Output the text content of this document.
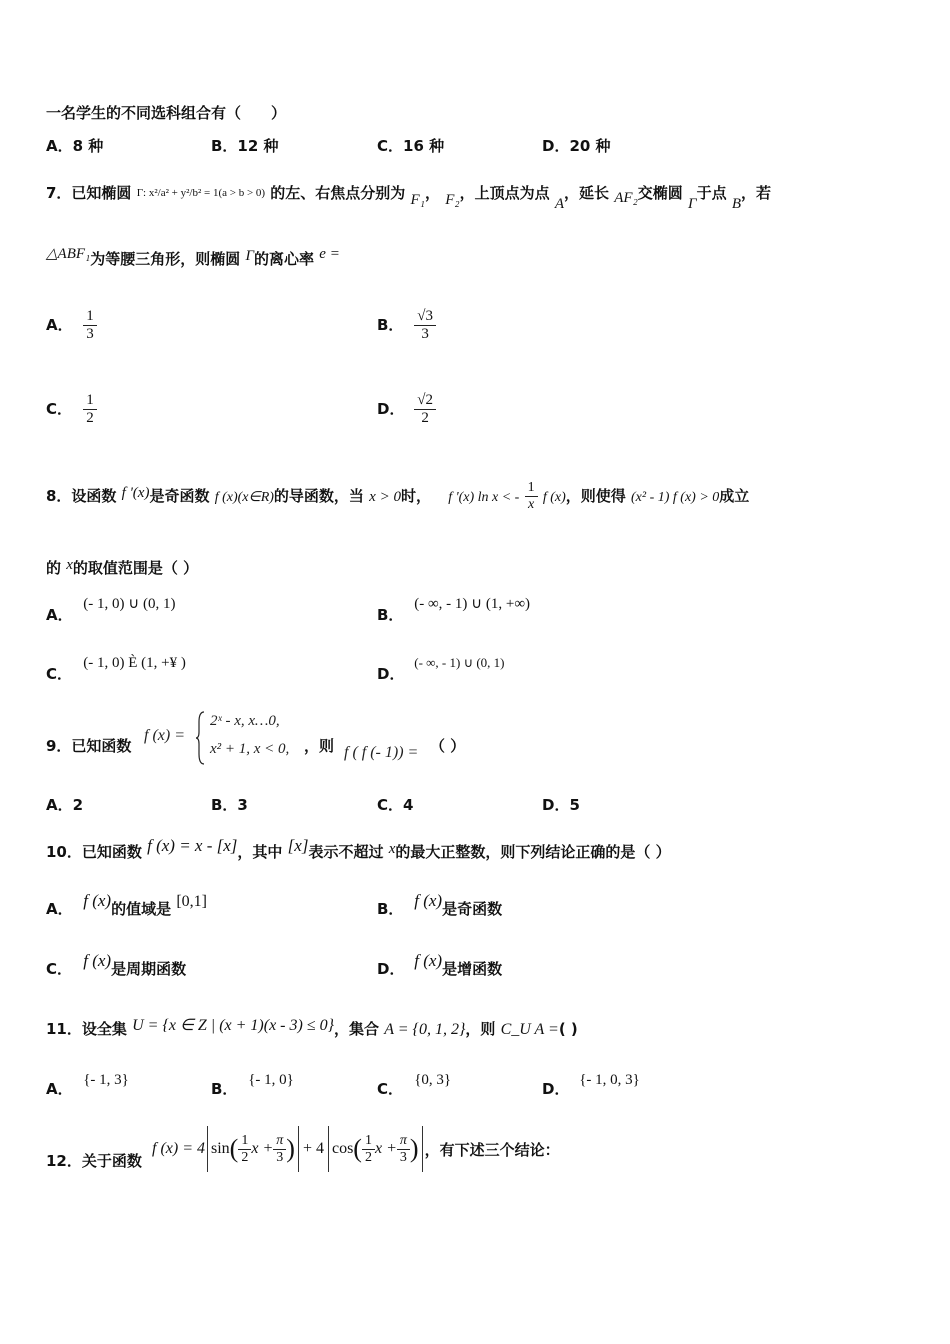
一名学生的不同选科组合有（　　）
A．8 种	B．12 种	C．16 种	D．20 种
7．已知椭圆 Γ: x²/a² + y²/b² = 1(a > b > 0) 的左、右焦点分别为 F₁， F₂，上顶点为点 A，延长 AF₂交椭圆 Γ于点 B，若
△ABF₁为等腰三角形，则椭圆 Γ的离心率 e =
A． $\frac{1}{3}$	B． $\frac{√3}{3}$
C． $\frac{1}{2}$	D． $\frac{√2}{2}$
8．设函数 f '(x)是奇函数 f (x)(x∈R)的导函数，当 x > 0时， f '(x) ln x < - $\frac{1}{x}$ f (x)，则使得 (x² - 1) f (x) > 0成立
的 x的取值范围是（ ）
A． (- 1, 0) ∪ (0, 1)
B． (- ∞, - 1) ∪ (1, +∞)
C． (- 1, 0) È (1, +¥ )
D． (- ∞, - 1) ∪ (0, 1)
9．已知函数
f (x) =
2ˣ - x, x…0,
x² + 1, x < 0, ，则 f ( f (- 1)) = （ ）
A．2	B．3	C．4	D．5
10．已知函数 f (x) = x - [x]，其中 [x]表示不超过 x的最大正整数，则下列结论正确的是（ ）
A． f (x)的值域是 [0,1]	B． f (x)是奇函数
C． f (x)是周期函数	D． f (x)是增函数
11．设全集 U = {x ∈ Z | (x + 1)(x - 3) ≤ 0}，集合 A = {0, 1, 2}，则 C_U A =( )
A． {- 1, 3}	B． {- 1, 0}	C． {0, 3}	D． {- 1, 0, 3}
12．关于函数
f (x) = 4 sin ( $\frac{1}{2}$ $x + \frac{\pi}{3}$ ) + 4 cos ( $\frac{1}{2}$ $x + \frac{\pi}{3}$ ) ，有下述三个结论：
